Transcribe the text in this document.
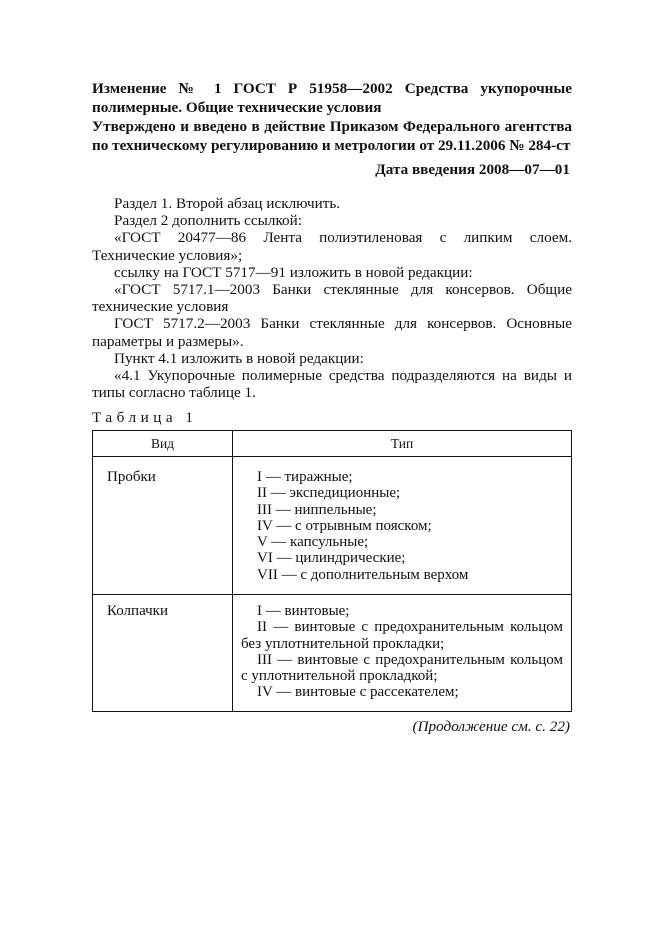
Изменение № 1 ГОСТ Р 51958—2002 Средства укупорочные полимерные. Общие технические условия
Утверждено и введено в действие Приказом Федерального агентства по техническому регулированию и метрологии от 29.11.2006 № 284-ст
Дата введения 2008—07—01

Раздел 1. Второй абзац исключить.

Раздел 2 дополнить ссылкой:

«ГОСТ 20477—86 Лента полиэтиленовая с липким слоем. Технические условия»;

ссылку на ГОСТ 5717—91 изложить в новой редакции:

«ГОСТ 5717.1—2003 Банки стеклянные для консервов. Общие технические условия

ГОСТ 5717.2—2003 Банки стеклянные для консервов. Основные параметры и размеры».

Пункт 4.1 изложить в новой редакции:

«4.1 Укупорочные полимерные средства подразделяются на виды и типы согласно таблице 1.

Таблица 1
Вид	Тип
Пробки	I — тиражные;
II — экспедиционные;
III — ниппельные;
IV — с отрывным пояском;
V — капсульные;
VI — цилиндрические;
VII — с дополнительным верхом
Колпачки	I — винтовые;
II — винтовые с предохранительным кольцом без уплотнительной прокладки;
III — винтовые с предохранительным кольцом с уплотнительной прокладкой;
IV — винтовые с рассекателем;
(Продолжение см. с. 22)
